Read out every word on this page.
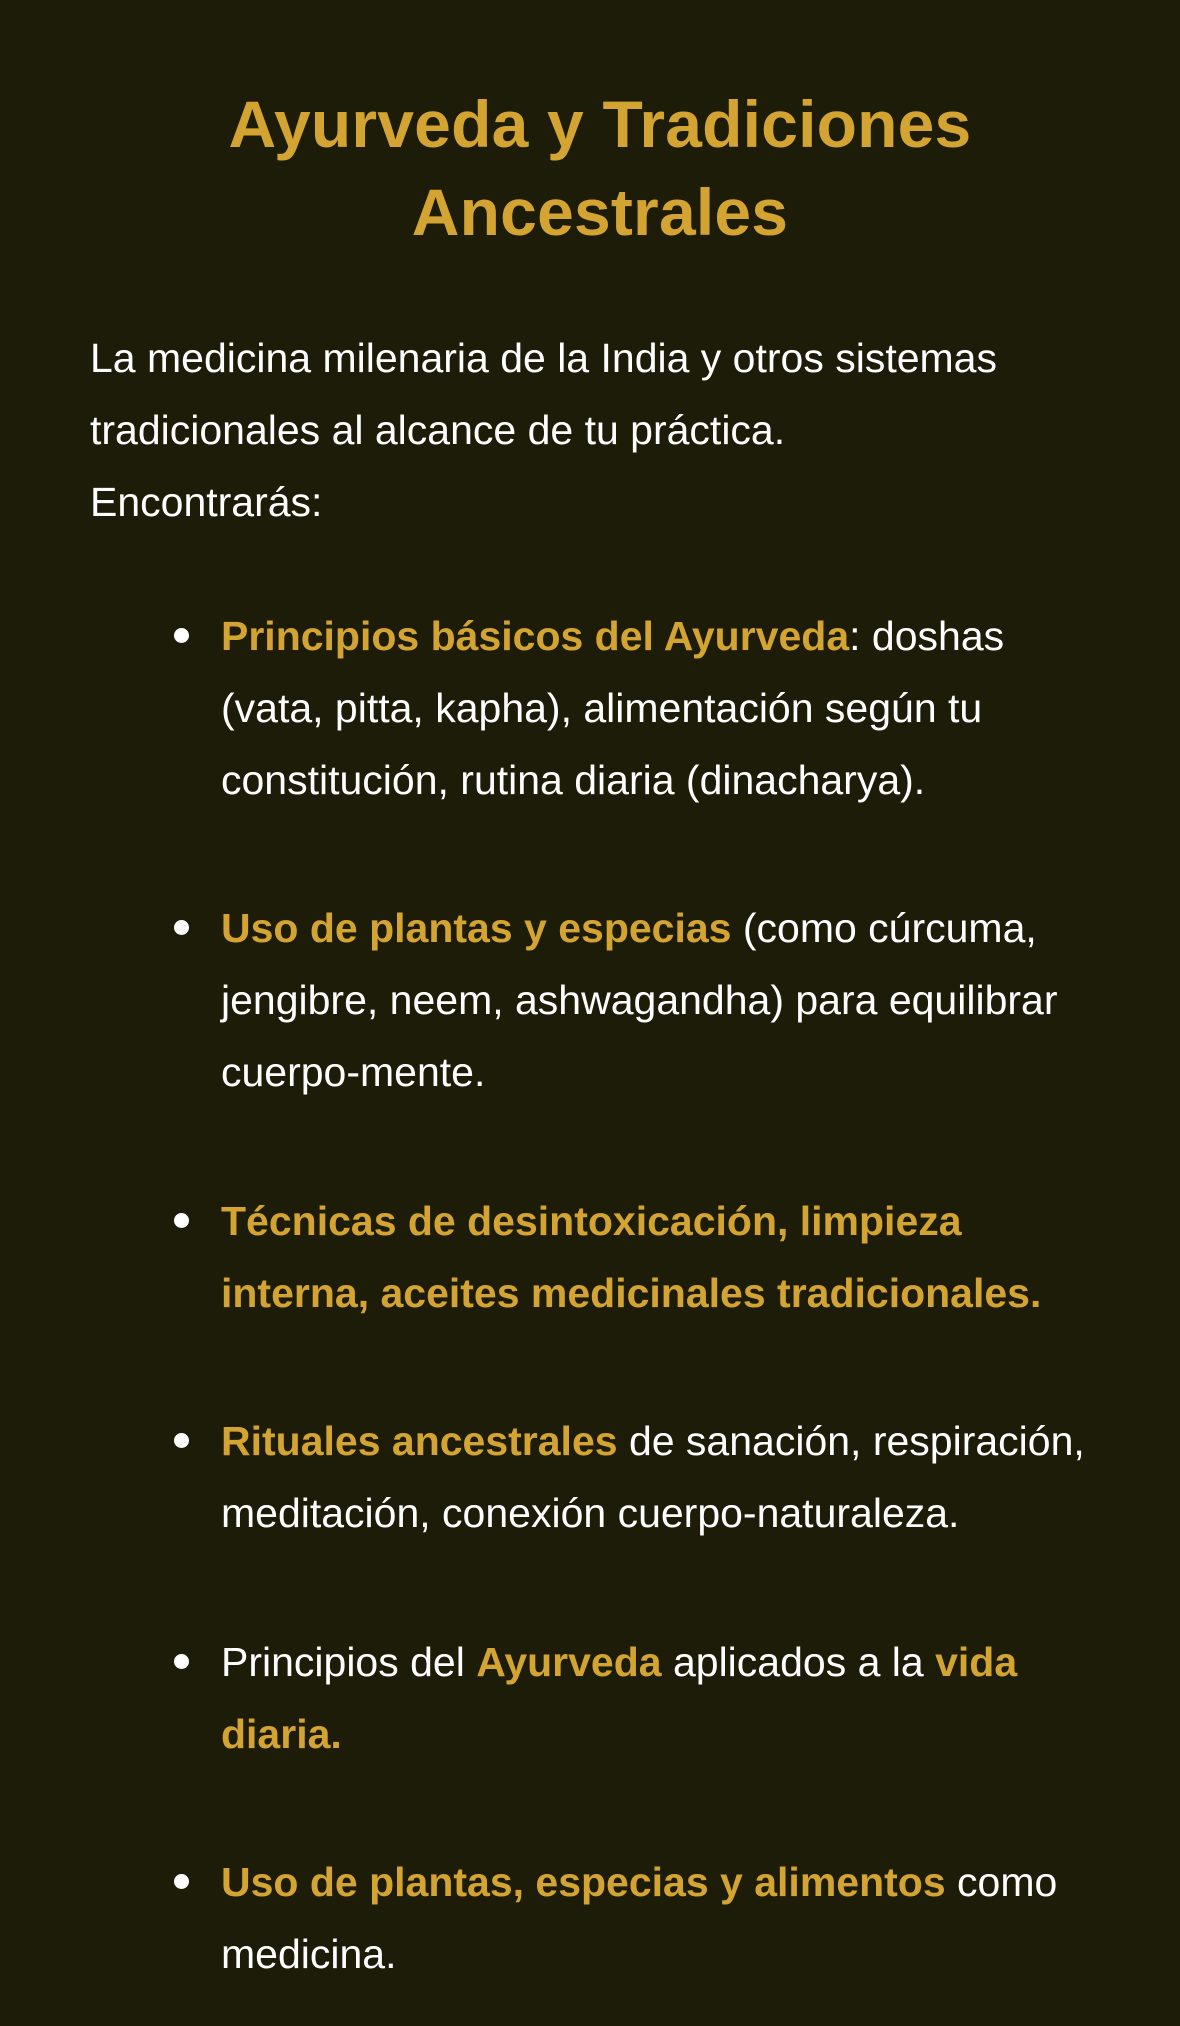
Ayurveda y Tradiciones
Ancestrales

La medicina milenaria de la India y otros sistemas
tradicionales al alcance de tu práctica.
Encontrarás:

Principios básicos del Ayurveda: doshas
(vata, pitta, kapha), alimentación según tu
constitución, rutina diaria (dinacharya).
Uso de plantas y especias (como cúrcuma,
jengibre, neem, ashwagandha) para equilibrar
cuerpo-mente.
Técnicas de desintoxicación, limpieza
interna, aceites medicinales tradicionales.
Rituales ancestrales de sanación, respiración,
meditación, conexión cuerpo-naturaleza.
Principios del Ayurveda aplicados a la vida
diaria.
Uso de plantas, especias y alimentos como
medicina.
